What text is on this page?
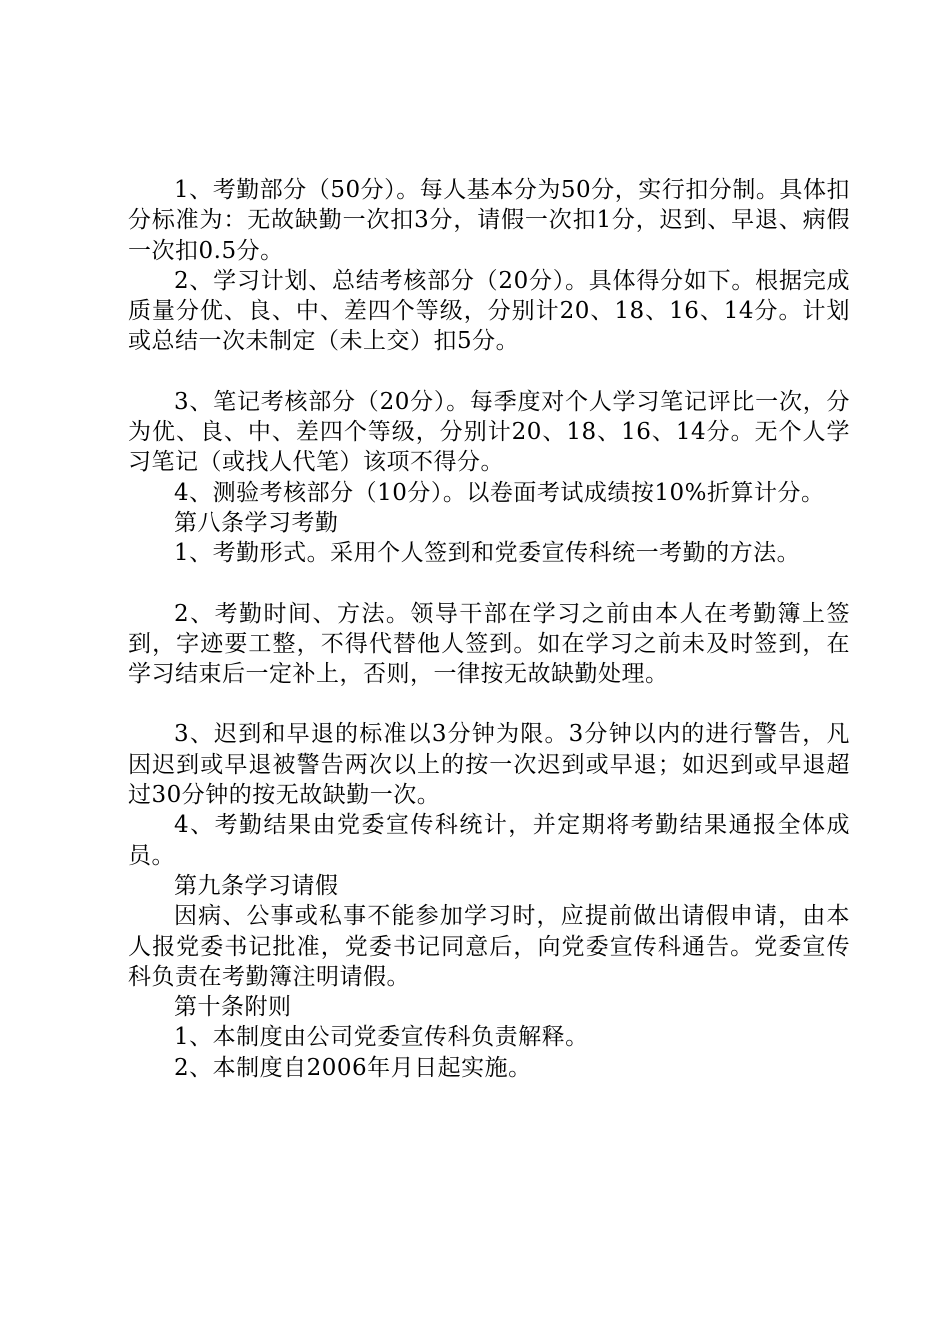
1、考勤部分（50分）。每人基本分为50分，实行扣分制。具体扣分标准为：无故缺勤一次扣3分，请假一次扣1分，迟到、早退、病假一次扣0.5分。

2、学习计划、总结考核部分（20分）。具体得分如下。根据完成质量分优、良、中、差四个等级，分别计20、18、16、14分。计划或总结一次未制定（未上交）扣5分。

3、笔记考核部分（20分）。每季度对个人学习笔记评比一次，分为优、良、中、差四个等级，分别计20、18、16、14分。无个人学习笔记（或找人代笔）该项不得分。

4、测验考核部分（10分）。以卷面考试成绩按10%折算计分。

第八条学习考勤

1、考勤形式。采用个人签到和党委宣传科统一考勤的方法。

2、考勤时间、方法。领导干部在学习之前由本人在考勤簿上签到，字迹要工整，不得代替他人签到。如在学习之前未及时签到，在学习结束后一定补上，否则，一律按无故缺勤处理。

3、迟到和早退的标准以3分钟为限。3分钟以内的进行警告，凡因迟到或早退被警告两次以上的按一次迟到或早退；如迟到或早退超过30分钟的按无故缺勤一次。

4、考勤结果由党委宣传科统计，并定期将考勤结果通报全体成员。

第九条学习请假

因病、公事或私事不能参加学习时，应提前做出请假申请，由本人报党委书记批准，党委书记同意后，向党委宣传科通告。党委宣传科负责在考勤簿注明请假。

第十条附则

1、本制度由公司党委宣传科负责解释。

2、本制度自2006年月日起实施。
